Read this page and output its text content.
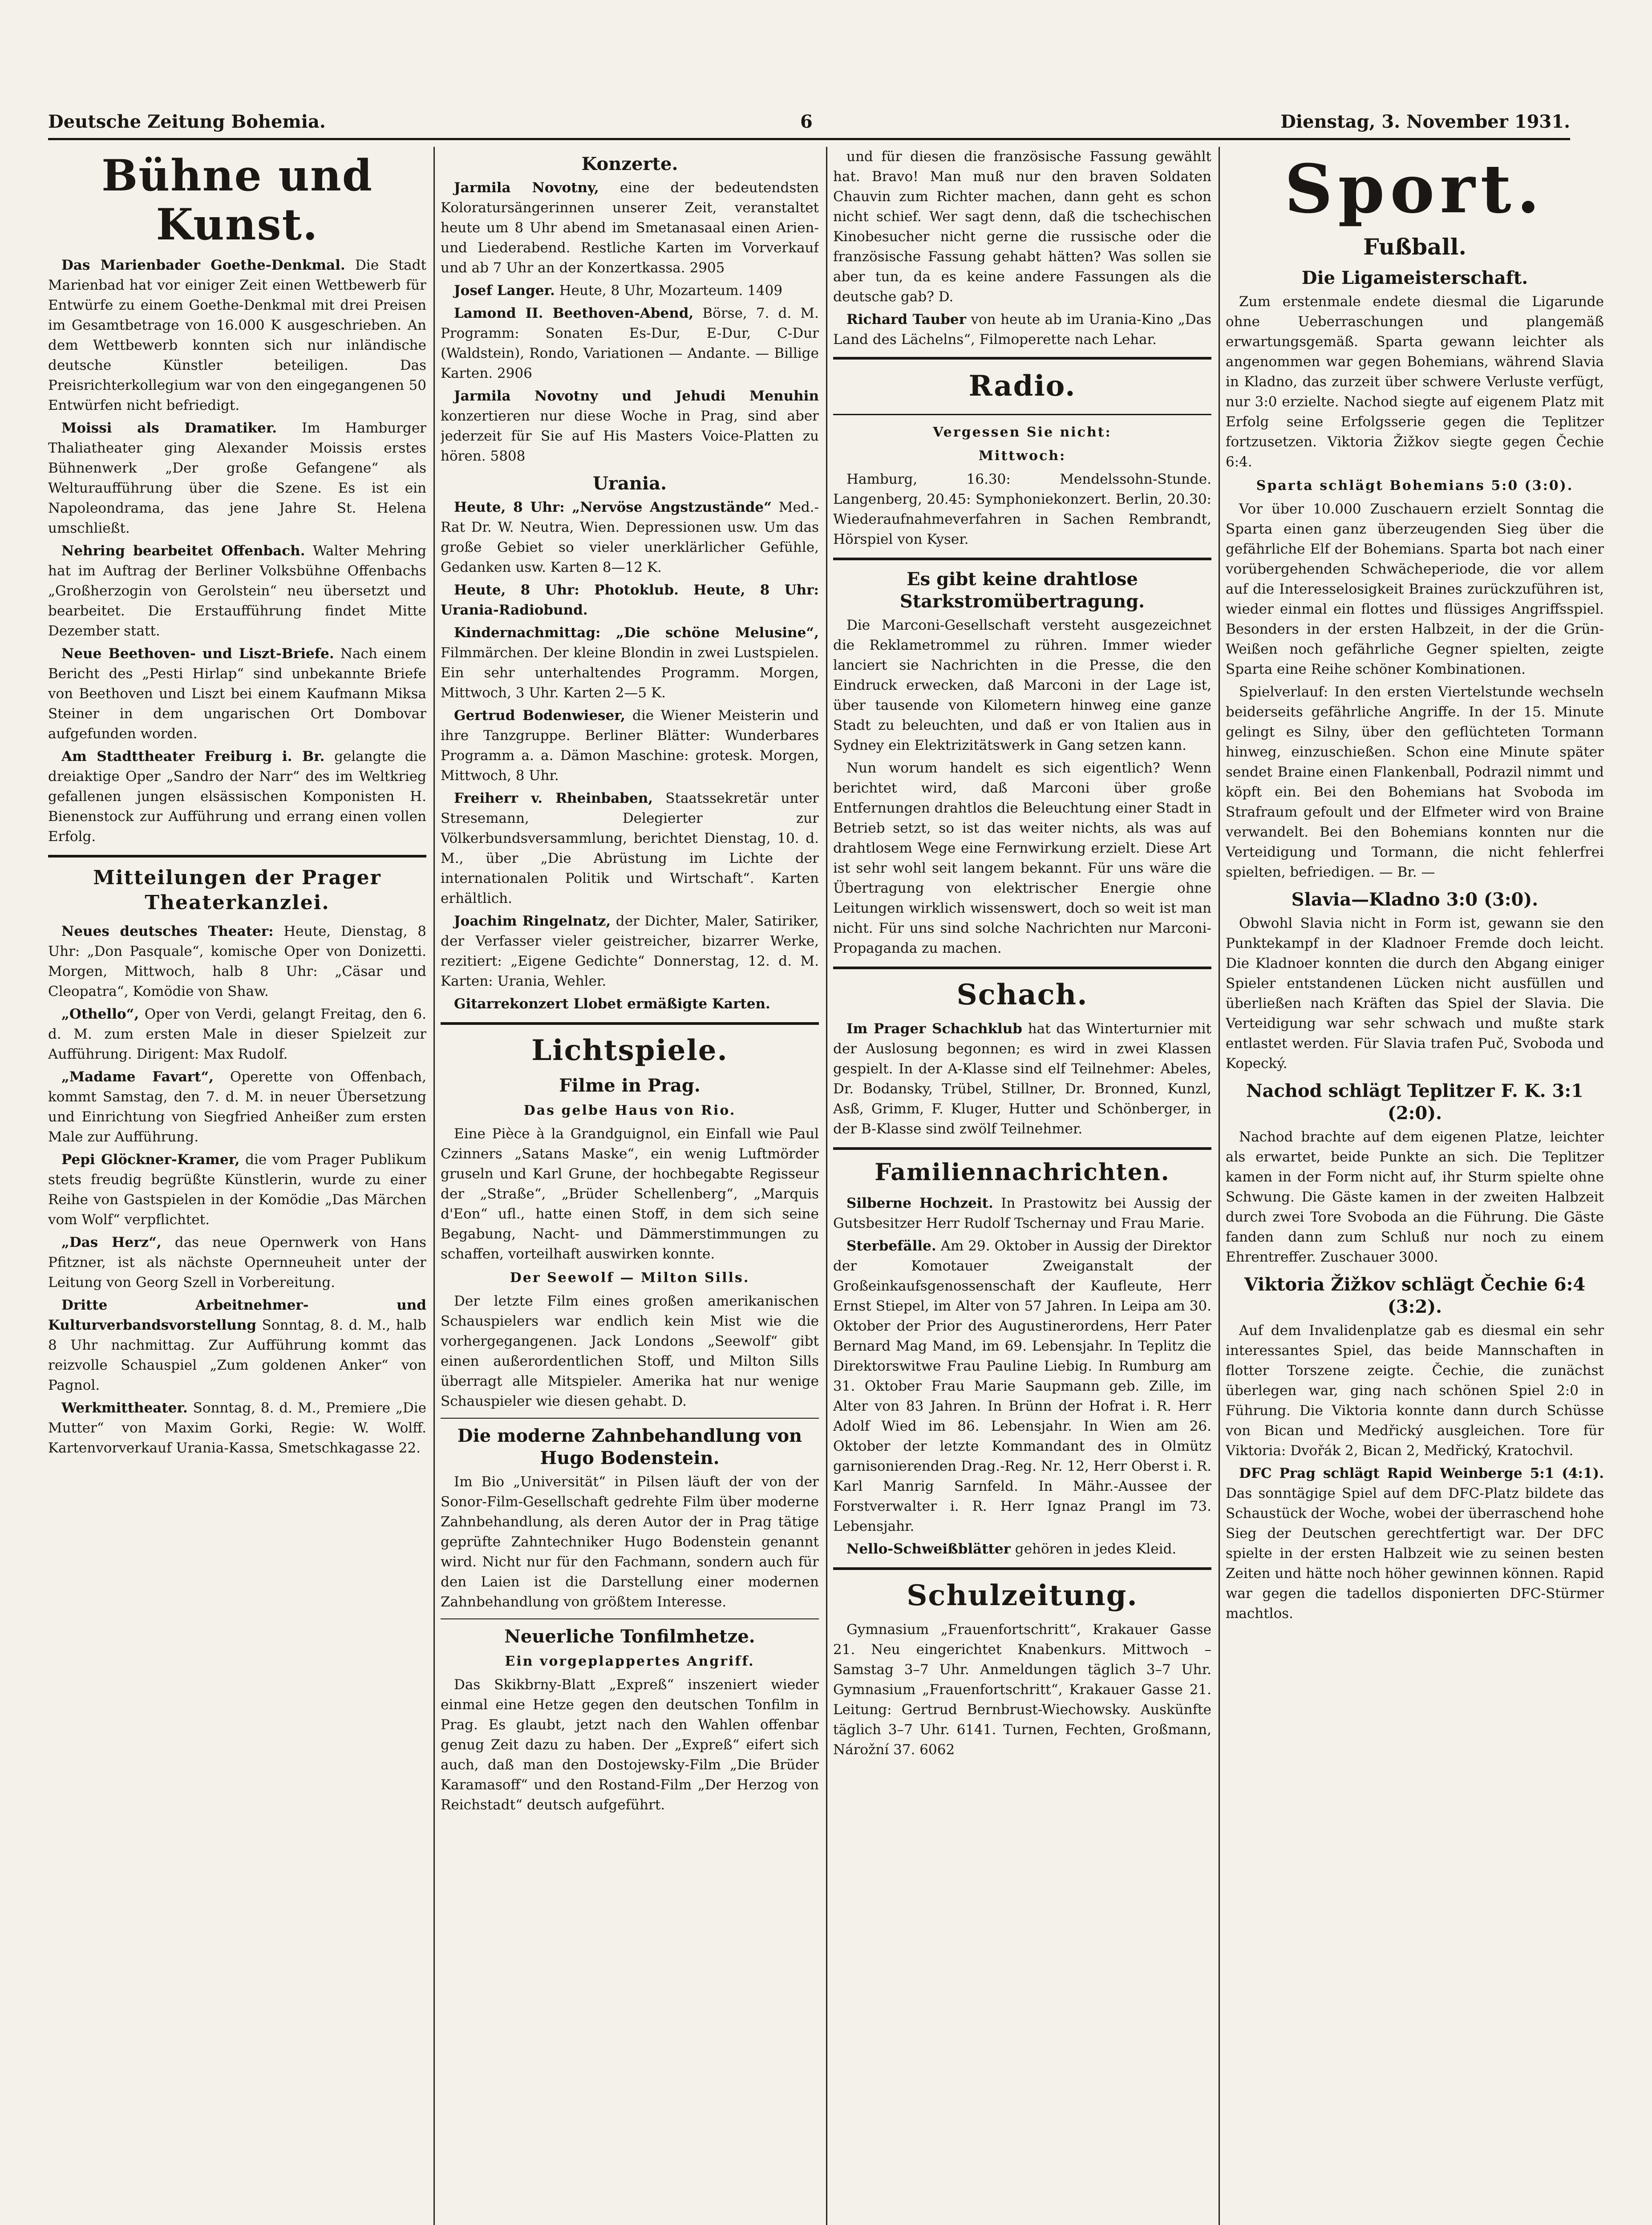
Deutsche Zeitung Bohemia.	6	Dienstag, 3. November 1931.
Bühne und Kunst.

Das Marienbader Goethe-Denkmal. Die Stadt Marienbad hat vor einiger Zeit einen Wettbewerb für Entwürfe zu einem Goethe-Denkmal mit drei Preisen im Gesamtbetrage von 16.000 K ausgeschrieben. An dem Wettbewerb konnten sich nur inländische deutsche Künstler beteiligen. Das Preisrichterkollegium war von den eingegangenen 50 Entwürfen nicht befriedigt.

Moissi als Dramatiker. Im Hamburger Thaliatheater ging Alexander Moissis erstes Bühnenwerk „Der große Gefangene“ als Welturaufführung über die Szene. Es ist ein Napoleondrama, das jene Jahre St. Helena umschließt.

Nehring bearbeitet Offenbach. Walter Mehring hat im Auftrag der Berliner Volksbühne Offenbachs „Großherzogin von Gerolstein“ neu übersetzt und bearbeitet. Die Erstaufführung findet Mitte Dezember statt.

Neue Beethoven- und Liszt-Briefe. Nach einem Bericht des „Pesti Hirlap“ sind unbekannte Briefe von Beethoven und Liszt bei einem Kaufmann Miksa Steiner in dem ungarischen Ort Dombovar aufgefunden worden.

Am Stadttheater Freiburg i. Br. gelangte die dreiaktige Oper „Sandro der Narr“ des im Weltkrieg gefallenen jungen elsässischen Komponisten H. Bienenstock zur Aufführung und errang einen vollen Erfolg.

Mitteilungen der Prager Theaterkanzlei.

Neues deutsches Theater: Heute, Dienstag, 8 Uhr: „Don Pasquale“, komische Oper von Donizetti. Morgen, Mittwoch, halb 8 Uhr: „Cäsar und Cleopatra“, Komödie von Shaw.

„Othello“, Oper von Verdi, gelangt Freitag, den 6. d. M. zum ersten Male in dieser Spielzeit zur Aufführung. Dirigent: Max Rudolf.

„Madame Favart“, Operette von Offenbach, kommt Samstag, den 7. d. M. in neuer Übersetzung und Einrichtung von Siegfried Anheißer zum ersten Male zur Aufführung.

Pepi Glöckner-Kramer, die vom Prager Publikum stets freudig begrüßte Künstlerin, wurde zu einer Reihe von Gastspielen in der Komödie „Das Märchen vom Wolf“ verpflichtet.

„Das Herz“, das neue Opernwerk von Hans Pfitzner, ist als nächste Opernneuheit unter der Leitung von Georg Szell in Vorbereitung.

Dritte Arbeitnehmer- und Kulturverbandsvorstellung Sonntag, 8. d. M., halb 8 Uhr nachmittag. Zur Aufführung kommt das reizvolle Schauspiel „Zum goldenen Anker“ von Pagnol.

Werkmittheater. Sonntag, 8. d. M., Premiere „Die Mutter“ von Maxim Gorki, Regie: W. Wolff. Kartenvorverkauf Urania-Kassa, Smetschkagasse 22.

Konzerte.

Jarmila Novotny, eine der bedeutendsten Koloratursängerinnen unserer Zeit, veranstaltet heute um 8 Uhr abend im Smetanasaal einen Arien- und Liederabend. Restliche Karten im Vorverkauf und ab 7 Uhr an der Konzertkassa. 2905

Josef Langer. Heute, 8 Uhr, Mozarteum. 1409

Lamond II. Beethoven-Abend, Börse, 7. d. M. Programm: Sonaten Es-Dur, E-Dur, C-Dur (Waldstein), Rondo, Variationen — Andante. — Billige Karten. 2906

Jarmila Novotny und Jehudi Menuhin konzertieren nur diese Woche in Prag, sind aber jederzeit für Sie auf His Masters Voice-Platten zu hören. 5808

Urania.

Heute, 8 Uhr: „Nervöse Angstzustände“ Med.-Rat Dr. W. Neutra, Wien. Depressionen usw. Um das große Gebiet so vieler unerklärlicher Gefühle, Gedanken usw. Karten 8—12 K.

Heute, 8 Uhr: Photoklub. Heute, 8 Uhr: Urania-Radiobund.

Kindernachmittag: „Die schöne Melusine“, Filmmärchen. Der kleine Blondin in zwei Lustspielen. Ein sehr unterhaltendes Programm. Morgen, Mittwoch, 3 Uhr. Karten 2—5 K.

Gertrud Bodenwieser, die Wiener Meisterin und ihre Tanzgruppe. Berliner Blätter: Wunderbares Programm a. a. Dämon Maschine: grotesk. Morgen, Mittwoch, 8 Uhr.

Freiherr v. Rheinbaben, Staatssekretär unter Stresemann, Delegierter zur Völkerbundsversammlung, berichtet Dienstag, 10. d. M., über „Die Abrüstung im Lichte der internationalen Politik und Wirtschaft“. Karten erhältlich.

Joachim Ringelnatz, der Dichter, Maler, Satiriker, der Verfasser vieler geistreicher, bizarrer Werke, rezitiert: „Eigene Gedichte“ Donnerstag, 12. d. M. Karten: Urania, Wehler.

Gitarrekonzert Llobet ermäßigte Karten.

Lichtspiele.
Filme in Prag.
Das gelbe Haus von Rio.

Eine Pièce à la Grandguignol, ein Einfall wie Paul Czinners „Satans Maske“, ein wenig Luftmörder gruseln und Karl Grune, der hochbegabte Regisseur der „Straße“, „Brüder Schellenberg“, „Marquis d'Eon“ ufl., hatte einen Stoff, in dem sich seine Begabung, Nacht- und Dämmerstimmungen zu schaffen, vorteilhaft auswirken konnte.

Der Seewolf — Milton Sills.

Der letzte Film eines großen amerikanischen Schauspielers war endlich kein Mist wie die vorhergegangenen. Jack Londons „Seewolf“ gibt einen außerordentlichen Stoff, und Milton Sills überragt alle Mitspieler. Amerika hat nur wenige Schauspieler wie diesen gehabt. D.

Die moderne Zahnbehandlung von Hugo Bodenstein.

Im Bio „Universität“ in Pilsen läuft der von der Sonor-Film-Gesellschaft gedrehte Film über moderne Zahnbehandlung, als deren Autor der in Prag tätige geprüfte Zahntechniker Hugo Bodenstein genannt wird. Nicht nur für den Fachmann, sondern auch für den Laien ist die Darstellung einer modernen Zahnbehandlung von größtem Interesse.

Neuerliche Tonfilmhetze.
Ein vorgeplappertes Angriff.

Das Skikbrny-Blatt „Expreß“ inszeniert wieder einmal eine Hetze gegen den deutschen Tonfilm in Prag. Es glaubt, jetzt nach den Wahlen offenbar genug Zeit dazu zu haben. Der „Expreß“ eifert sich auch, daß man den Dostojewsky-Film „Die Brüder Karamasoff“ und den Rostand-Film „Der Herzog von Reichstadt“ deutsch aufgeführt.

und für diesen die französische Fassung gewählt hat. Bravo! Man muß nur den braven Soldaten Chauvin zum Richter machen, dann geht es schon nicht schief. Wer sagt denn, daß die tschechischen Kinobesucher nicht gerne die russische oder die französische Fassung gehabt hätten? Was sollen sie aber tun, da es keine andere Fassungen als die deutsche gab? D.

Richard Tauber von heute ab im Urania-Kino „Das Land des Lächelns“, Filmoperette nach Lehar.

Radio.
Vergessen Sie nicht:
Mittwoch:

Hamburg, 16.30: Mendelssohn-Stunde. Langenberg, 20.45: Symphoniekonzert. Berlin, 20.30: Wiederaufnahmeverfahren in Sachen Rembrandt, Hörspiel von Kyser.

Es gibt keine drahtlose Starkstromübertragung.

Die Marconi-Gesellschaft versteht ausgezeichnet die Reklametrommel zu rühren. Immer wieder lanciert sie Nachrichten in die Presse, die den Eindruck erwecken, daß Marconi in der Lage ist, über tausende von Kilometern hinweg eine ganze Stadt zu beleuchten, und daß er von Italien aus in Sydney ein Elektrizitätswerk in Gang setzen kann.

Nun worum handelt es sich eigentlich? Wenn berichtet wird, daß Marconi über große Entfernungen drahtlos die Beleuchtung einer Stadt in Betrieb setzt, so ist das weiter nichts, als was auf drahtlosem Wege eine Fernwirkung erzielt. Diese Art ist sehr wohl seit langem bekannt. Für uns wäre die Übertragung von elektrischer Energie ohne Leitungen wirklich wissenswert, doch so weit ist man nicht. Für uns sind solche Nachrichten nur Marconi-Propaganda zu machen.

Schach.

Im Prager Schachklub hat das Winterturnier mit der Auslosung begonnen; es wird in zwei Klassen gespielt. In der A-Klasse sind elf Teilnehmer: Abeles, Dr. Bodansky, Trübel, Stillner, Dr. Bronned, Kunzl, Asß, Grimm, F. Kluger, Hutter und Schönberger, in der B-Klasse sind zwölf Teilnehmer.

Familiennachrichten.

Silberne Hochzeit. In Prastowitz bei Aussig der Gutsbesitzer Herr Rudolf Tschernay und Frau Marie.

Sterbefälle. Am 29. Oktober in Aussig der Direktor der Komotauer Zweiganstalt der Großeinkaufsgenossenschaft der Kaufleute, Herr Ernst Stiepel, im Alter von 57 Jahren. In Leipa am 30. Oktober der Prior des Augustinerordens, Herr Pater Bernard Mag Mand, im 69. Lebensjahr. In Teplitz die Direktorswitwe Frau Pauline Liebig. In Rumburg am 31. Oktober Frau Marie Saupmann geb. Zille, im Alter von 83 Jahren. In Brünn der Hofrat i. R. Herr Adolf Wied im 86. Lebensjahr. In Wien am 26. Oktober der letzte Kommandant des in Olmütz garnisonierenden Drag.-Reg. Nr. 12, Herr Oberst i. R. Karl Manrig Sarnfeld. In Mähr.-Aussee der Forstverwalter i. R. Herr Ignaz Prangl im 73. Lebensjahr.

Nello-Schweißblätter gehören in jedes Kleid.

Schulzeitung.

Gymnasium „Frauenfortschritt“, Krakauer Gasse 21. Neu eingerichtet Knabenkurs. Mittwoch – Samstag 3–7 Uhr. Anmeldungen täglich 3–7 Uhr. Gymnasium „Frauenfortschritt“, Krakauer Gasse 21. Leitung: Gertrud Bernbrust-Wiechowsky. Auskünfte täglich 3–7 Uhr. 6141. Turnen, Fechten, Großmann, Nárožní 37. 6062

Sport.
Fußball.
Die Ligameisterschaft.

Zum erstenmale endete diesmal die Ligarunde ohne Ueberraschungen und plangemäß erwartungsgemäß. Sparta gewann leichter als angenommen war gegen Bohemians, während Slavia in Kladno, das zurzeit über schwere Verluste verfügt, nur 3:0 erzielte. Nachod siegte auf eigenem Platz mit Erfolg seine Erfolgsserie gegen die Teplitzer fortzusetzen. Viktoria Žižkov siegte gegen Čechie 6:4.

Sparta schlägt Bohemians 5:0 (3:0).

Vor über 10.000 Zuschauern erzielt Sonntag die Sparta einen ganz überzeugenden Sieg über die gefährliche Elf der Bohemians. Sparta bot nach einer vorübergehenden Schwächeperiode, die vor allem auf die Interesselosigkeit Braines zurückzuführen ist, wieder einmal ein flottes und flüssiges Angriffsspiel. Besonders in der ersten Halbzeit, in der die Grün-Weißen noch gefährliche Gegner spielten, zeigte Sparta eine Reihe schöner Kombinationen.

Spielverlauf: In den ersten Viertelstunde wechseln beiderseits gefährliche Angriffe. In der 15. Minute gelingt es Silny, über den geflüchteten Tormann hinweg, einzuschießen. Schon eine Minute später sendet Braine einen Flankenball, Podrazil nimmt und köpft ein. Bei den Bohemians hat Svoboda im Strafraum gefoult und der Elfmeter wird von Braine verwandelt. Bei den Bohemians konnten nur die Verteidigung und Tormann, die nicht fehlerfrei spielten, befriedigen. — Br. —

Slavia—Kladno 3:0 (3:0).

Obwohl Slavia nicht in Form ist, gewann sie den Punktekampf in der Kladnoer Fremde doch leicht. Die Kladnoer konnten die durch den Abgang einiger Spieler entstandenen Lücken nicht ausfüllen und überließen nach Kräften das Spiel der Slavia. Die Verteidigung war sehr schwach und mußte stark entlastet werden. Für Slavia trafen Puč, Svoboda und Kopecký.

Nachod schlägt Teplitzer F. K. 3:1 (2:0).

Nachod brachte auf dem eigenen Platze, leichter als erwartet, beide Punkte an sich. Die Teplitzer kamen in der Form nicht auf, ihr Sturm spielte ohne Schwung. Die Gäste kamen in der zweiten Halbzeit durch zwei Tore Svoboda an die Führung. Die Gäste fanden dann zum Schluß nur noch zu einem Ehrentreffer. Zuschauer 3000.

Viktoria Žižkov schlägt Čechie 6:4 (3:2).

Auf dem Invalidenplatze gab es diesmal ein sehr interessantes Spiel, das beide Mannschaften in flotter Torszene zeigte. Čechie, die zunächst überlegen war, ging nach schönen Spiel 2:0 in Führung. Die Viktoria konnte dann durch Schüsse von Bican und Medřický ausgleichen. Tore für Viktoria: Dvořák 2, Bican 2, Medřický, Kratochvil.

DFC Prag schlägt Rapid Weinberge 5:1 (4:1). Das sonntägige Spiel auf dem DFC-Platz bildete das Schaustück der Woche, wobei der überraschend hohe Sieg der Deutschen gerechtfertigt war. Der DFC spielte in der ersten Halbzeit wie zu seinen besten Zeiten und hätte noch höher gewinnen können. Rapid war gegen die tadellos disponierten DFC-Stürmer machtlos.
